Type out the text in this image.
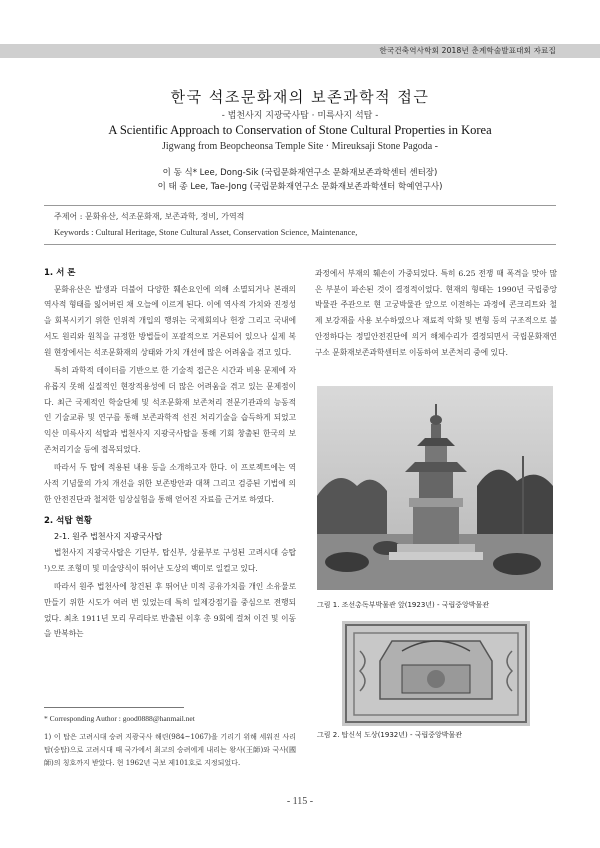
한국건축역사학회 2018년 춘계학술발표대회 자료집
한국 석조문화재의 보존과학적 접근
- 법천사지 지광국사탑 · 미륵사지 석탑 -
A Scientific Approach to Conservation of Stone Cultural Properties in Korea
Jigwang from Beopcheonsa Temple Site · Mireuksaji Stone Pagoda -
이 동 식* Lee, Dong-Sik (국립문화재연구소 문화재보존과학센터 센터장)
이 태 종 Lee, Tae-Jong (국립문화재연구소 문화재보존과학센터 학예연구사)
주제어 : 문화유산, 석조문화재, 보존과학, 정비, 가역적
Keywords : Cultural Heritage, Stone Cultural Asset, Conservation Science, Maintenance,
1. 서 론

문화유산은 발생과 더불어 다양한 훼손요인에 의해 소멸되거나 본래의 역사적 형태를 잃어버린 채 오늘에 이르게 된다. 이에 역사적 가치와 진정성을 회복시키기 위한 인위적 개입의 행위는 국제회의나 헌장 그리고 국내에서도 원리와 원칙을 규정한 방법들이 포괄적으로 거론되어 있으나 실제 복원 현장에서는 석조문화재의 상태와 가치 개선에 많은 어려움을 겪고 있다.

특히 과학적 데이터를 기반으로 한 기술적 접근은 시간과 비용 문제에 자유롭지 못해 실질적인 현장적용성에 더 많은 어려움을 겪고 있는 문제점이다. 최근 국제적인 학술단체 및 석조문화재 보존처리 전문기관과의 능동적인 기술교류 및 연구를 통해 보존과학적 선진 처리기술을 습득하게 되었고 익산 미륵사지 석탑과 법천사지 지광국사탑을 통해 기회 창출된 한국의 보존처리기술 등에 접목되었다.

따라서 두 탑에 적용된 내용 등을 소개하고자 한다. 이 프로젝트에는 역사적 기념물의 가치 개선을 위한 보존방안과 대책 그리고 검증된 기법에 의한 안전진단과 철저한 임상실험을 통해 얻어진 자료를 근거로 하였다.

2. 석탑 현황
2-1. 원주 법천사지 지광국사탑

법천사지 지광국사탑은 기단부, 탑신부, 상륜부로 구성된 고려시대 승탑¹)으로 조형미 및 미술양식이 뛰어난 도상의 백미로 일컬고 있다.

따라서 원주 법천사에 창건된 후 뛰어난 미적 공유가치를 개인 소유물로 만들기 위한 시도가 여러 번 있었는데 특히 일제강점기를 중심으로 전행되었다. 최초 1911년 모리 무리타로 반출된 이후 총 9회에 걸쳐 이건 및 이동을 반복하는

과정에서 부재의 훼손이 가중되었다. 특히 6.25 전쟁 때 폭격을 맞아 많은 부분이 파손된 것이 결정적이었다. 현재의 형태는 1990년 국립중앙박물관 주관으로 현 고궁박물관 앞으로 이전하는 과정에 콘크리트와 철제 보강재를 사용 보수하였으나 재료적 악화 및 변형 등의 구조적으로 불안정하다는 정밀안전진단에 의거 해체수리가 결정되면서 국립문화재연구소 문화재보존과학센터로 이동하여 보존처리 중에 있다.

그림 1. 조선총독부박물관 앞(1923년) - 국립중앙박물관
그림 2. 탑신석 도상(1932년) - 국립중앙박물관
* Corresponding Author : good0888@hanmail.net
1) 이 탑은 고려시대 승려 지광국사 해린(984~1067)을 기리기 위해 세워진 사리탑(승탑)으로 고려시대 때 국가에서 최고의 승려에게 내리는 왕사(王師)와 국사(國師)의 칭호까지 받았다. 현 1962년 국보 제101호로 지정되었다.
- 115 -
